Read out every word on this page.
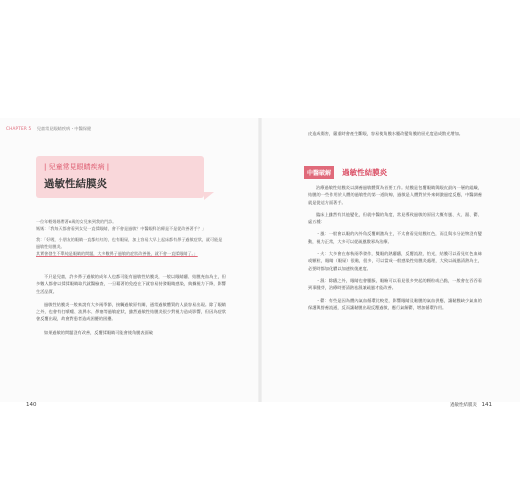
CHAPTER 5 兒童常見眼睛疾病・中醫保健
| 兒童常見眼睛疾病 |
過敏性結膜炎

一位年輕媽媽帶著6歲的女兒來到我的門診。

媽媽：「我每天都會看到女兒一直揉眼睛，會不會是過敏？中醫眼科治療是不是從改善著手？」

我：「好喔，小朋友的眼睛一直都紅紅的，也有眼屎，加上容易大早上起床都有鼻子過敏症狀，就可能是過敏性結膜炎。

其實會發生不單純是眼睛的問題，大多數鼻子過敏的症狀改善後，就不會一直揉眼睛了。」

不只是兒童，許多鼻子過敏的成年人也都可能有過敏性結膜炎，一般以眼睛癢、結膜充血為主，但多數人都會以揉揉眼睛取代就醫檢查，一旦藉著的免疫在下就容易持發眼睛感染，典據視力下降，影響生活品質。

過敏性結膜炎一般來說有大多兩季節，接觸過敏原有關，通常過敏體質的人最容易出現。除了眼睛之外，也會有打噴嚏、流鼻水、鼻塞等過敏症狀，雖然過敏性結膜炎很少對視力造成影響，但因為症狀會反覆出現，故會對患者造成困擾的困擾。

如果過敏的問題沒有改善，反覆揉眼睛可能會使角膜表面破

皮造成傷害，嚴重時會產生斷眼，容易使角膜水腫改變角膜的屈光度造成散光增加。

中醫破解 過敏性結膜炎

治療過敏性結膜炎以調養過敏體質為首要工作。結膜是包覆眼睛與眼皮最內一層的組織，結膜的一些作用於人體的過敏性的第一道防線，過敏是人體對於外來刺激過度反應，中醫調養就是從這方面著手。

臨床上雖然有其他變化，但就中醫的角度，常見導致過敏的原因大概有風、火、濕、鬱、虛五種：

・風：一般會以眼的內外角反覆刺激為主，不太會看見結膜紅色，而且與水分泌物沒有變動，視力正常，大多可以從疏風散邪為治療。

・火：大多會在春秋兩季發作，雙眼的熱癢癢，反覆流淚，怕光，結膜可以看見紅色血絲或顆粒，眼睛（眼屎）很黏，很多，可以當成一般感染性結膜炎處理，大致以疏風清熱為主，必要時都加化膿以加速恢復速度。

・濕：除癢之外，眼睛也會腫脹，眼瞼可以看見很多突起的顆粒或凸點，一般會在吞吞看到事腫芽，治療時要清熱祛濕兼疏風才能改善。

・鬱：有些是因為體內氣血循環比較差，影響眼睛及黏膜的氣血供應，讓黏膜缺少氣血的保護與營養流通，反而讓黏膜出現反覆過敏，應行氣解鬱，增加循環作用。

140	過敏性結膜炎 141
